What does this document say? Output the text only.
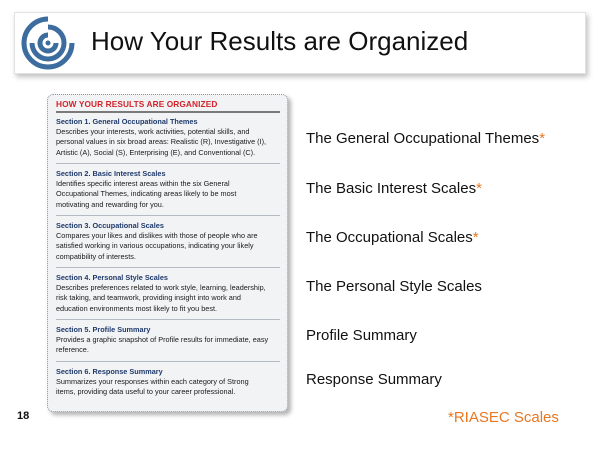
How Your Results are Organized
HOW YOUR RESULTS ARE ORGANIZED
Section 1. General Occupational Themes
Describes your interests, work activities, potential skills, and
personal values in six broad areas: Realistic (R), Investigative (I),
Artistic (A), Social (S), Enterprising (E), and Conventional (C).
Section 2. Basic Interest Scales
Identifies specific interest areas within the six General
Occupational Themes, indicating areas likely to be most
motivating and rewarding for you.
Section 3. Occupational Scales
Compares your likes and dislikes with those of people who are
satisfied working in various occupations, indicating your likely
compatibility of interests.
Section 4. Personal Style Scales
Describes preferences related to work style, learning, leadership,
risk taking, and teamwork, providing insight into work and
education environments most likely to fit you best.
Section 5. Profile Summary
Provides a graphic snapshot of Profile results for immediate, easy
reference.
Section 6. Response Summary
Summarizes your responses within each category of Strong
items, providing data useful to your career professional.
The General Occupational Themes*
The Basic Interest Scales*
The Occupational Scales*
The Personal Style Scales
Profile Summary
Response Summary
*RIASEC Scales
18
